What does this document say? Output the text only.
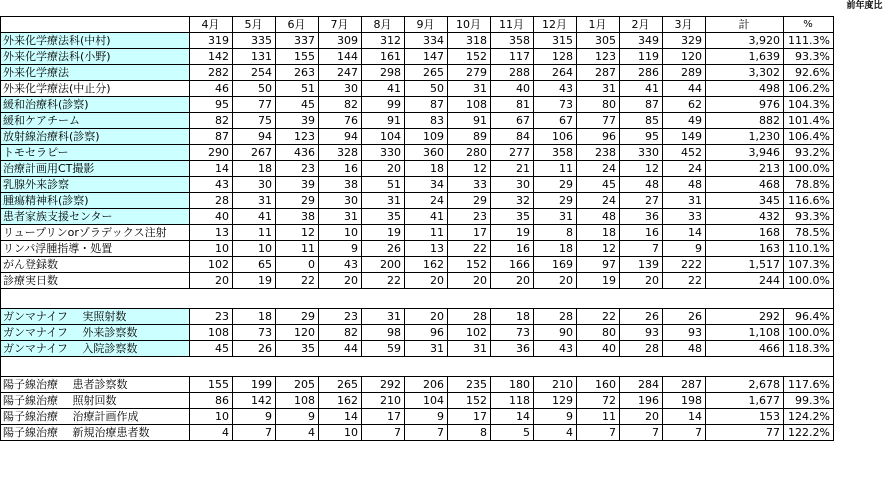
前年度比
	4月	5月	6月	7月	8月	9月	10月	11月	12月	1月	2月	3月	計	%
外来化学療法科(中村)	319	335	337	309	312	334	318	358	315	305	349	329	3,920	111.3%
外来化学療法科(小野)	142	131	155	144	161	147	152	117	128	123	119	120	1,639	93.3%
外来化学療法	282	254	263	247	298	265	279	288	264	287	286	289	3,302	92.6%
外来化学療法(中止分)	46	50	51	30	41	50	31	40	43	31	41	44	498	106.2%
緩和治療科(診察)	95	77	45	82	99	87	108	81	73	80	87	62	976	104.3%
緩和ケアチーム	82	75	39	76	91	83	91	67	67	77	85	49	882	101.4%
放射線治療科(診察)	87	94	123	94	104	109	89	84	106	96	95	149	1,230	106.4%
トモセラピー	290	267	436	328	330	360	280	277	358	238	330	452	3,946	93.2%
治療計画用CT撮影	14	18	23	16	20	18	12	21	11	24	12	24	213	100.0%
乳腺外来診察	43	30	39	38	51	34	33	30	29	45	48	48	468	78.8%
腫瘍精神科(診察)	28	31	29	30	31	24	29	32	29	24	27	31	345	116.6%
患者家族支援センター	40	41	38	31	35	41	23	35	31	48	36	33	432	93.3%
リュープリンorゾラデックス注射	13	11	12	10	19	11	17	19	8	18	16	14	168	78.5%
リンパ浮腫指導・処置	10	10	11	9	26	13	22	16	18	12	7	9	163	110.1%
がん登録数	102	65	0	43	200	162	152	166	169	97	139	222	1,517	107.3%
診療実日数	20	19	22	20	22	20	20	20	20	19	20	22	244	100.0%

ガンマナイフ　 実照射数	23	18	29	23	31	20	28	18	28	22	26	26	292	96.4%
ガンマナイフ　 外来診察数	108	73	120	82	98	96	102	73	90	80	93	93	1,108	100.0%
ガンマナイフ　 入院診察数	45	26	35	44	59	31	31	36	43	40	28	48	466	118.3%

陽子線治療　 患者診察数	155	199	205	265	292	206	235	180	210	160	284	287	2,678	117.6%
陽子線治療　 照射回数	86	142	108	162	210	104	152	118	129	72	196	198	1,677	99.3%
陽子線治療　 治療計画作成	10	9	9	14	17	9	17	14	9	11	20	14	153	124.2%
陽子線治療　 新規治療患者数	4	7	4	10	7	7	8	5	4	7	7	7	77	122.2%
